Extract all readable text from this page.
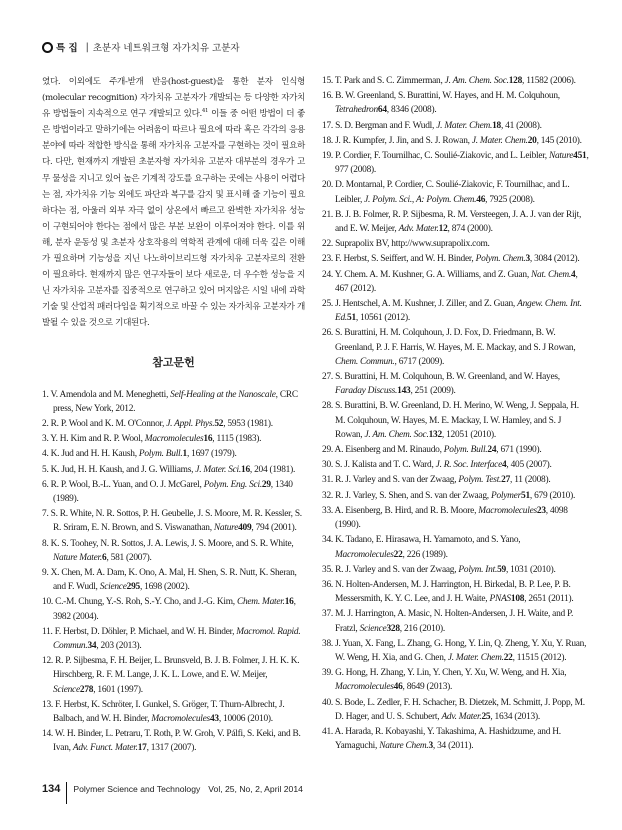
특 집 | 초분자 네트워크형 자가치유 고분자

였다. 이외에도 주개-받개 반응(host-guest)을 통한 분자 인식형(molecular recognition) 자가치유 고분자가 개발되는 등 다양한 자가치유 방법들이 지속적으로 연구 개발되고 있다.$^{41}$ 이들 중 어떤 방법이 더 좋은 방법이라고 말하기에는 어려움이 따르나 필요에 따라 혹은 각각의 응용 분야에 따라 적합한 방식을 통해 자가치유 고분자를 구현하는 것이 필요하다. 다만, 현재까지 개발된 초분자형 자가치유 고분자 대부분의 경우가 고무 물성을 지니고 있어 높은 기계적 강도를 요구하는 곳에는 사용이 어렵다는 점, 자가치유 기능 외에도 파단과 복구를 감지 및 표시해 줄 기능이 필요하다는 점, 아울러 외부 자극 없이 상온에서 빠르고 완벽한 자가치유 성능이 구현되어야 한다는 점에서 많은 부분 보완이 이루어져야 한다. 이를 위해, 분자 운동성 및 초분자 상호작용의 역학적 관계에 대해 더욱 깊은 이해가 필요하며 기능성을 지닌 나노하이브리드형 자가치유 고분자로의 전환이 필요하다. 현재까지 많은 연구자들이 보다 새로운, 더 우수한 성능을 지닌 자가치유 고분자를 집중적으로 연구하고 있어 머지않은 시일 내에 과학 기술 및 산업적 패러다임을 획기적으로 바꿀 수 있는 자가치유 고분자가 개발될 수 있을 것으로 기대된다.

참고문헌
1. V. Amendola and M. Meneghetti, Self-Healing at the Nanoscale, CRC press, New York, 2012.
2. R. P. Wool and K. M. O'Connor, J. Appl. Phys.52, 5953 (1981).
3. Y. H. Kim and R. P. Wool, Macromolecules16, 1115 (1983).
4. K. Jud and H. H. Kaush, Polym. Bull.1, 1697 (1979).
5. K. Jud, H. H. Kaush, and J. G. Williams, J. Mater. Sci.16, 204 (1981).
6. R. P. Wool, B.-L. Yuan, and O. J. McGarel, Polym. Eng. Sci.29, 1340 (1989).
7. S. R. White, N. R. Sottos, P. H. Geubelle, J. S. Moore, M. R. Kessler, S. R. Sriram, E. N. Brown, and S. Viswanathan, Nature409, 794 (2001).
8. K. S. Toohey, N. R. Sottos, J. A. Lewis, J. S. Moore, and S. R. White, Nature Mater.6, 581 (2007).
9. X. Chen, M. A. Dam, K. Ono, A. Mal, H. Shen, S. R. Nutt, K. Sheran, and F. Wudl, Science295, 1698 (2002).
10. C.-M. Chung, Y.-S. Roh, S.-Y. Cho, and J.-G. Kim, Chem. Mater.16, 3982 (2004).
11. F. Herbst, D. Döhler, P. Michael, and W. H. Binder, Macromol. Rapid. Commun.34, 203 (2013).
12. R. P. Sijbesma, F. H. Beijer, L. Brunsveld, B. J. B. Folmer, J. H. K. K. Hirschberg, R. F. M. Lange, J. K. L. Lowe, and E. W. Meijer, Science278, 1601 (1997).
13. F. Herbst, K. Schröter, I. Gunkel, S. Gröger, T. Thurn-Albrecht, J. Balbach, and W. H. Binder, Macromolecules43, 10006 (2010).
14. W. H. Binder, L. Petraru, T. Roth, P. W. Groh, V. Pálfi, S. Keki, and B. Ivan, Adv. Funct. Mater.17, 1317 (2007).
15. T. Park and S. C. Zimmerman, J. Am. Chem. Soc.128, 11582 (2006).
16. B. W. Greenland, S. Burattini, W. Hayes, and H. M. Colquhoun, Tetrahedron64, 8346 (2008).
17. S. D. Bergman and F. Wudl, J. Mater. Chem.18, 41 (2008).
18. J. R. Kumpfer, J. Jin, and S. J. Rowan, J. Mater. Chem.20, 145 (2010).
19. P. Cordier, F. Tournilhac, C. Soulié-Ziakovic, and L. Leibler, Nature451, 977 (2008).
20. D. Montarnal, P. Cordier, C. Soulié-Ziakovic, F. Tournilhac, and L. Leibler, J. Polym. Sci., A: Polym. Chem.46, 7925 (2008).
21. B. J. B. Folmer, R. P. Sijbesma, R. M. Versteegen, J. A. J. van der Rijt, and E. W. Meijer, Adv. Mater.12, 874 (2000).
22. Suprapolix BV, http://www.suprapolix.com.
23. F. Herbst, S. Seiffert, and W. H. Binder, Polym. Chem.3, 3084 (2012).
24. Y. Chem. A. M. Kushner, G. A. Williams, and Z. Guan, Nat. Chem.4, 467 (2012).
25. J. Hentschel, A. M. Kushner, J. Ziller, and Z. Guan, Angew. Chem. Int. Ed.51, 10561 (2012).
26. S. Burattini, H. M. Colquhoun, J. D. Fox, D. Friedmann, B. W. Greenland, P. J. F. Harris, W. Hayes, M. E. Mackay, and S. J Rowan, Chem. Commun., 6717 (2009).
27. S. Burattini, H. M. Colquhoun, B. W. Greenland, and W. Hayes, Faraday Discuss.143, 251 (2009).
28. S. Burattini, B. W. Greenland, D. H. Merino, W. Weng, J. Seppala, H. M. Colquhoun, W. Hayes, M. E. Mackay, I. W. Hamley, and S. J Rowan, J. Am. Chem. Soc.132, 12051 (2010).
29. A. Eisenberg and M. Rinaudo, Polym. Bull.24, 671 (1990).
30. S. J. Kalista and T. C. Ward, J. R. Soc. Interface4, 405 (2007).
31. R. J. Varley and S. van der Zwaag, Polym. Test.27, 11 (2008).
32. R. J. Varley, S. Shen, and S. van der Zwaag, Polymer51, 679 (2010).
33. A. Eisenberg, B. Hird, and R. B. Moore, Macromolecules23, 4098 (1990).
34. K. Tadano, E. Hirasawa, H. Yamamoto, and S. Yano, Macromolecules22, 226 (1989).
35. R. J. Varley and S. van der Zwaag, Polym. Int.59, 1031 (2010).
36. N. Holten-Andersen, M. J. Harrington, H. Birkedal, B. P. Lee, P. B. Messersmith, K. Y. C. Lee, and J. H. Waite, PNAS108, 2651 (2011).
37. M. J. Harrington, A. Masic, N. Holten-Andersen, J. H. Waite, and P. Fratzl, Science328, 216 (2010).
38. J. Yuan, X. Fang, L. Zhang, G. Hong, Y. Lin, Q. Zheng, Y. Xu, Y. Ruan, W. Weng, H. Xia, and G. Chen, J. Mater. Chem.22, 11515 (2012).
39. G. Hong, H. Zhang, Y. Lin, Y. Chen, Y. Xu, W. Weng, and H. Xia, Macromolecules46, 8649 (2013).
40. S. Bode, L. Zedler, F. H. Schacher, B. Dietzek, M. Schmitt, J. Popp, M. D. Hager, and U. S. Schubert, Adv. Mater.25, 1634 (2013).
41. A. Harada, R. Kobayashi, Y. Takashima, A. Hashidzume, and H. Yamaguchi, Nature Chem.3, 34 (2011).
134 Polymer Science and Technology Vol, 25, No, 2, April 2014
